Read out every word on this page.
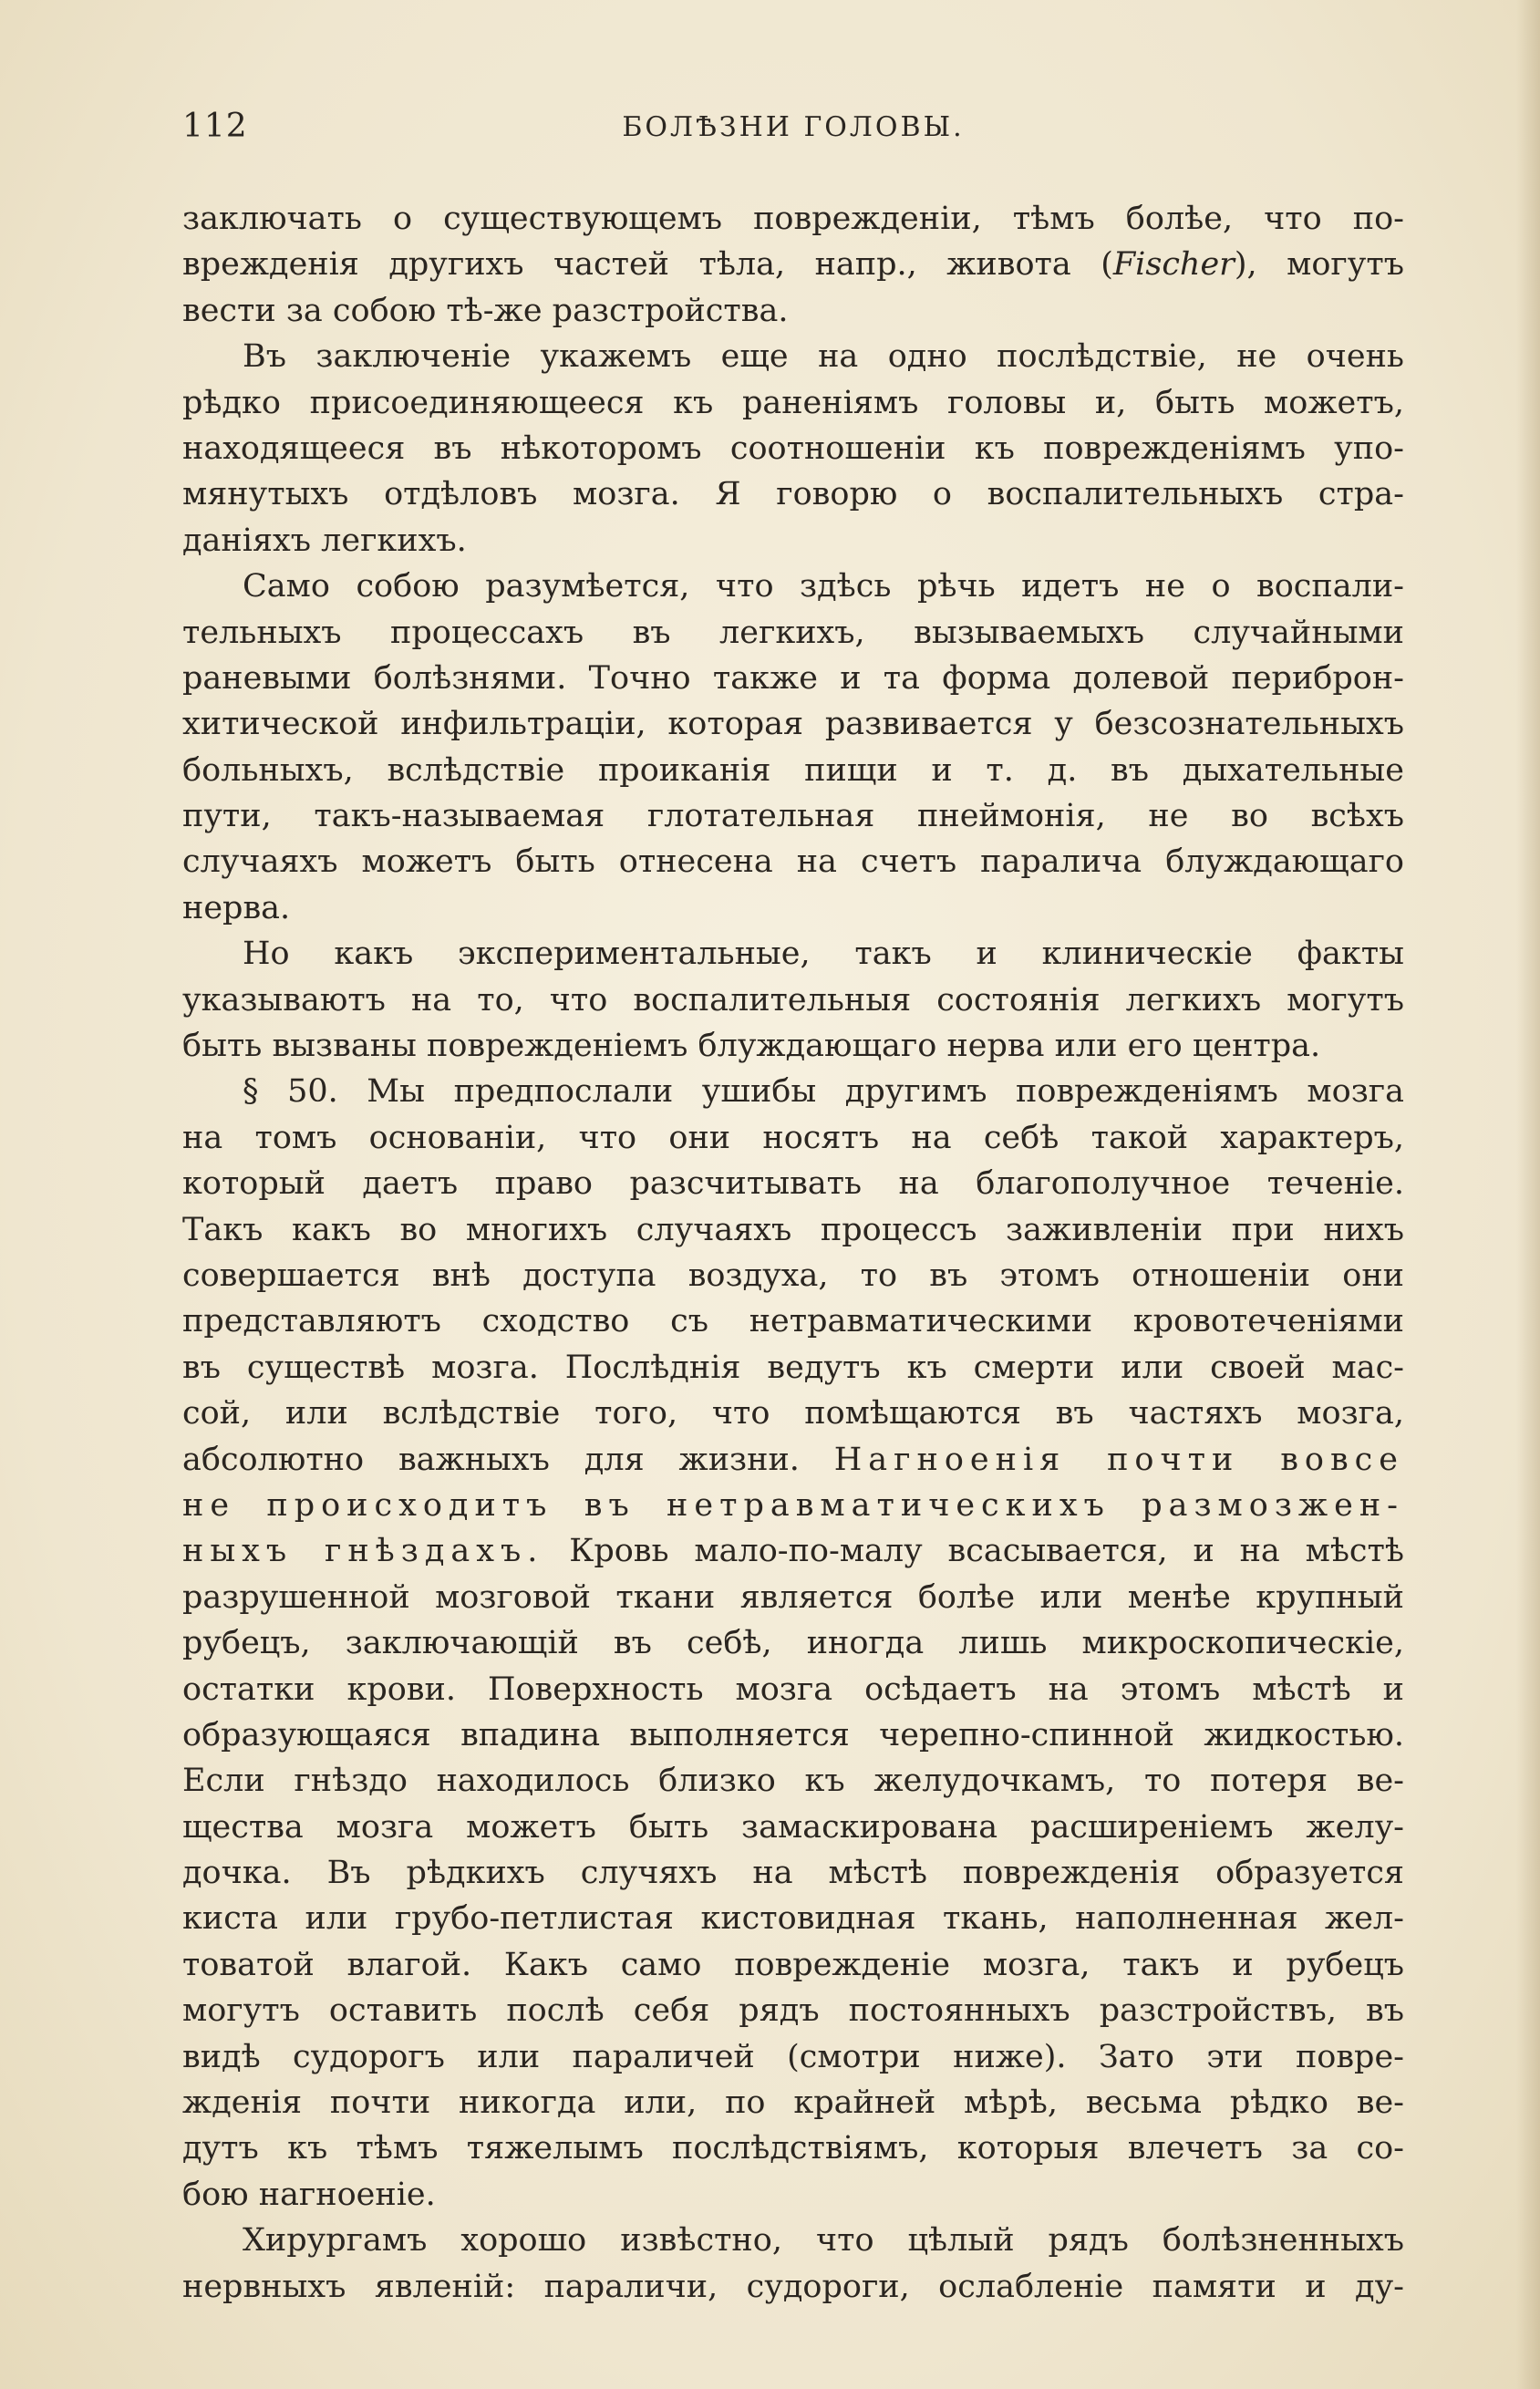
112	БОЛѢЗНИ ГОЛОВЫ.
заключать о существующемъ поврежденіи, тѣмъ болѣе, что по-
врежденія другихъ частей тѣла, напр., живота (Fischer), могутъ
вести за собою тѣ-же разстройства.
Въ заключеніе укажемъ еще на одно послѣдствіе, не очень
рѣдко присоединяющееся къ раненіямъ головы и, быть можетъ,
находящееся въ нѣкоторомъ соотношеніи къ поврежденіямъ упо-
мянутыхъ отдѣловъ мозга. Я говорю о воспалительныхъ стра-
даніяхъ легкихъ.
Само собою разумѣется, что здѣсь рѣчь идетъ не о воспали-
тельныхъ процессахъ въ легкихъ, вызываемыхъ случайными
раневыми болѣзнями. Точно также и та форма долевой периброн-
хитической инфильтраціи, которая развивается у безсознательныхъ
больныхъ, вслѣдствіе проиканія пищи и т. д. въ дыхательные
пути, такъ-называемая глотательная пнеймонія, не во всѣхъ
случаяхъ можетъ быть отнесена на счетъ паралича блуждающаго
нерва.
Но какъ экспериментальные, такъ и клиническіе факты
указываютъ на то, что воспалительныя состоянія легкихъ могутъ
быть вызваны поврежденіемъ блуждающаго нерва или его центра.
§ 50. Мы предпослали ушибы другимъ поврежденіямъ мозга
на томъ основаніи, что они носятъ на себѣ такой характеръ,
который даетъ право разсчитывать на благополучное теченіе.
Такъ какъ во многихъ случаяхъ процессъ заживленіи при нихъ
совершается внѣ доступа воздуха, то въ этомъ отношеніи они
представляютъ сходство съ нетравматическими кровотеченіями
въ существѣ мозга. Послѣднія ведутъ къ смерти или своей мас-
сой, или вслѣдствіе того, что помѣщаются въ частяхъ мозга,
абсолютно важныхъ для жизни. Нагноенія почти вовсе
не происходитъ въ нетравматическихъ размозжен-
ныхъ гнѣздахъ. Кровь мало-по-малу всасывается, и на мѣстѣ
разрушенной мозговой ткани является болѣе или менѣе крупный
рубецъ, заключающій въ себѣ, иногда лишь микроскопическіе,
остатки крови. Поверхность мозга осѣдаетъ на этомъ мѣстѣ и
образующаяся впадина выполняется черепно-спинной жидкостью.
Если гнѣздо находилось близко къ желудочкамъ, то потеря ве-
щества мозга можетъ быть замаскирована расширеніемъ желу-
дочка. Въ рѣдкихъ случяхъ на мѣстѣ поврежденія образуется
киста или грубо-петлистая кистовидная ткань, наполненная жел-
товатой влагой. Какъ само поврежденіе мозга, такъ и рубецъ
могутъ оставить послѣ себя рядъ постоянныхъ разстройствъ, въ
видѣ судорогъ или параличей (смотри ниже). Зато эти повре-
жденія почти никогда или, по крайней мѣрѣ, весьма рѣдко ве-
дутъ къ тѣмъ тяжелымъ послѣдствіямъ, которыя влечетъ за со-
бою нагноеніе.
Хирургамъ хорошо извѣстно, что цѣлый рядъ болѣзненныхъ
нервныхъ явленій: параличи, судороги, ослабленіе памяти и ду-
